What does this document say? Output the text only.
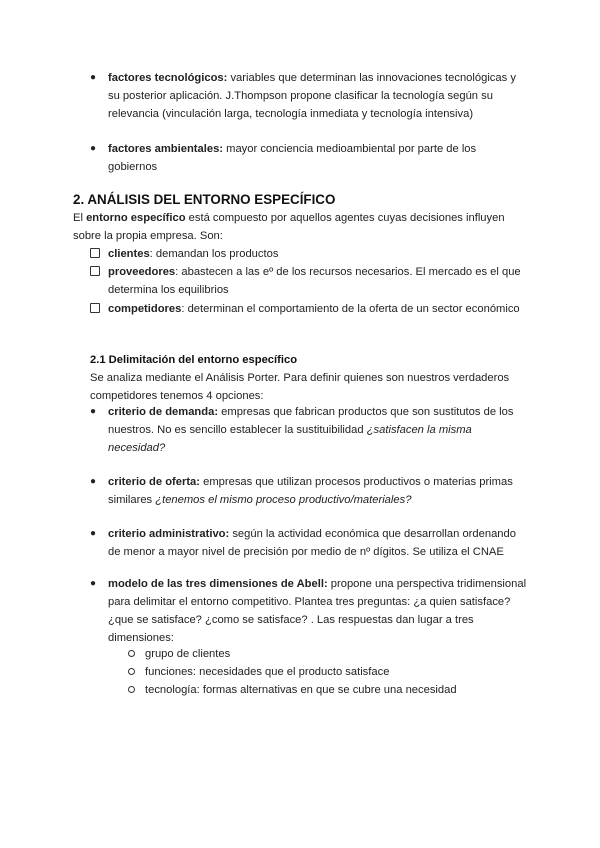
● factores tecnológicos: variables que determinan las innovaciones tecnológicas y
su posterior aplicación. J.Thompson propone clasificar la tecnología según su
relevancia (vinculación larga, tecnología inmediata y tecnología intensiva)
● factores ambientales: mayor conciencia medioambiental por parte de los gobiernos
2. ANÁLISIS DEL ENTORNO ESPECÍFICO
El entorno específico está compuesto por aquellos agentes cuyas decisiones influyen
sobre la propia empresa. Son:
clientes: demandan los productos
proveedores: abastecen a las eº de los recursos necesarios. El mercado es el que
determina los equilibrios
competidores: determinan el comportamiento de la oferta de un sector económico
2.1 Delimitación del entorno específico
Se analiza mediante el Análisis Porter. Para definir quienes son nuestros verdaderos
competidores tenemos 4 opciones:
● criterio de demanda: empresas que fabrican productos que son sustitutos de los
nuestros. No es sencillo establecer la sustituibilidad ¿satisfacen la misma
necesidad?
● criterio de oferta: empresas que utilizan procesos productivos o materias primas
similares ¿tenemos el mismo proceso productivo/materiales?
● criterio administrativo: según la actividad económica que desarrollan ordenando
de menor a mayor nivel de precisión por medio de nº dígitos. Se utiliza el CNAE
● modelo de las tres dimensiones de Abell: propone una perspectiva tridimensional
para delimitar el entorno competitivo. Plantea tres preguntas: ¿a quien satisface?
¿que se satisface? ¿como se satisface? . Las respuestas dan lugar a tres
dimensiones:
grupo de clientes
funciones: necesidades que el producto satisface
tecnología: formas alternativas en que se cubre una necesidad
